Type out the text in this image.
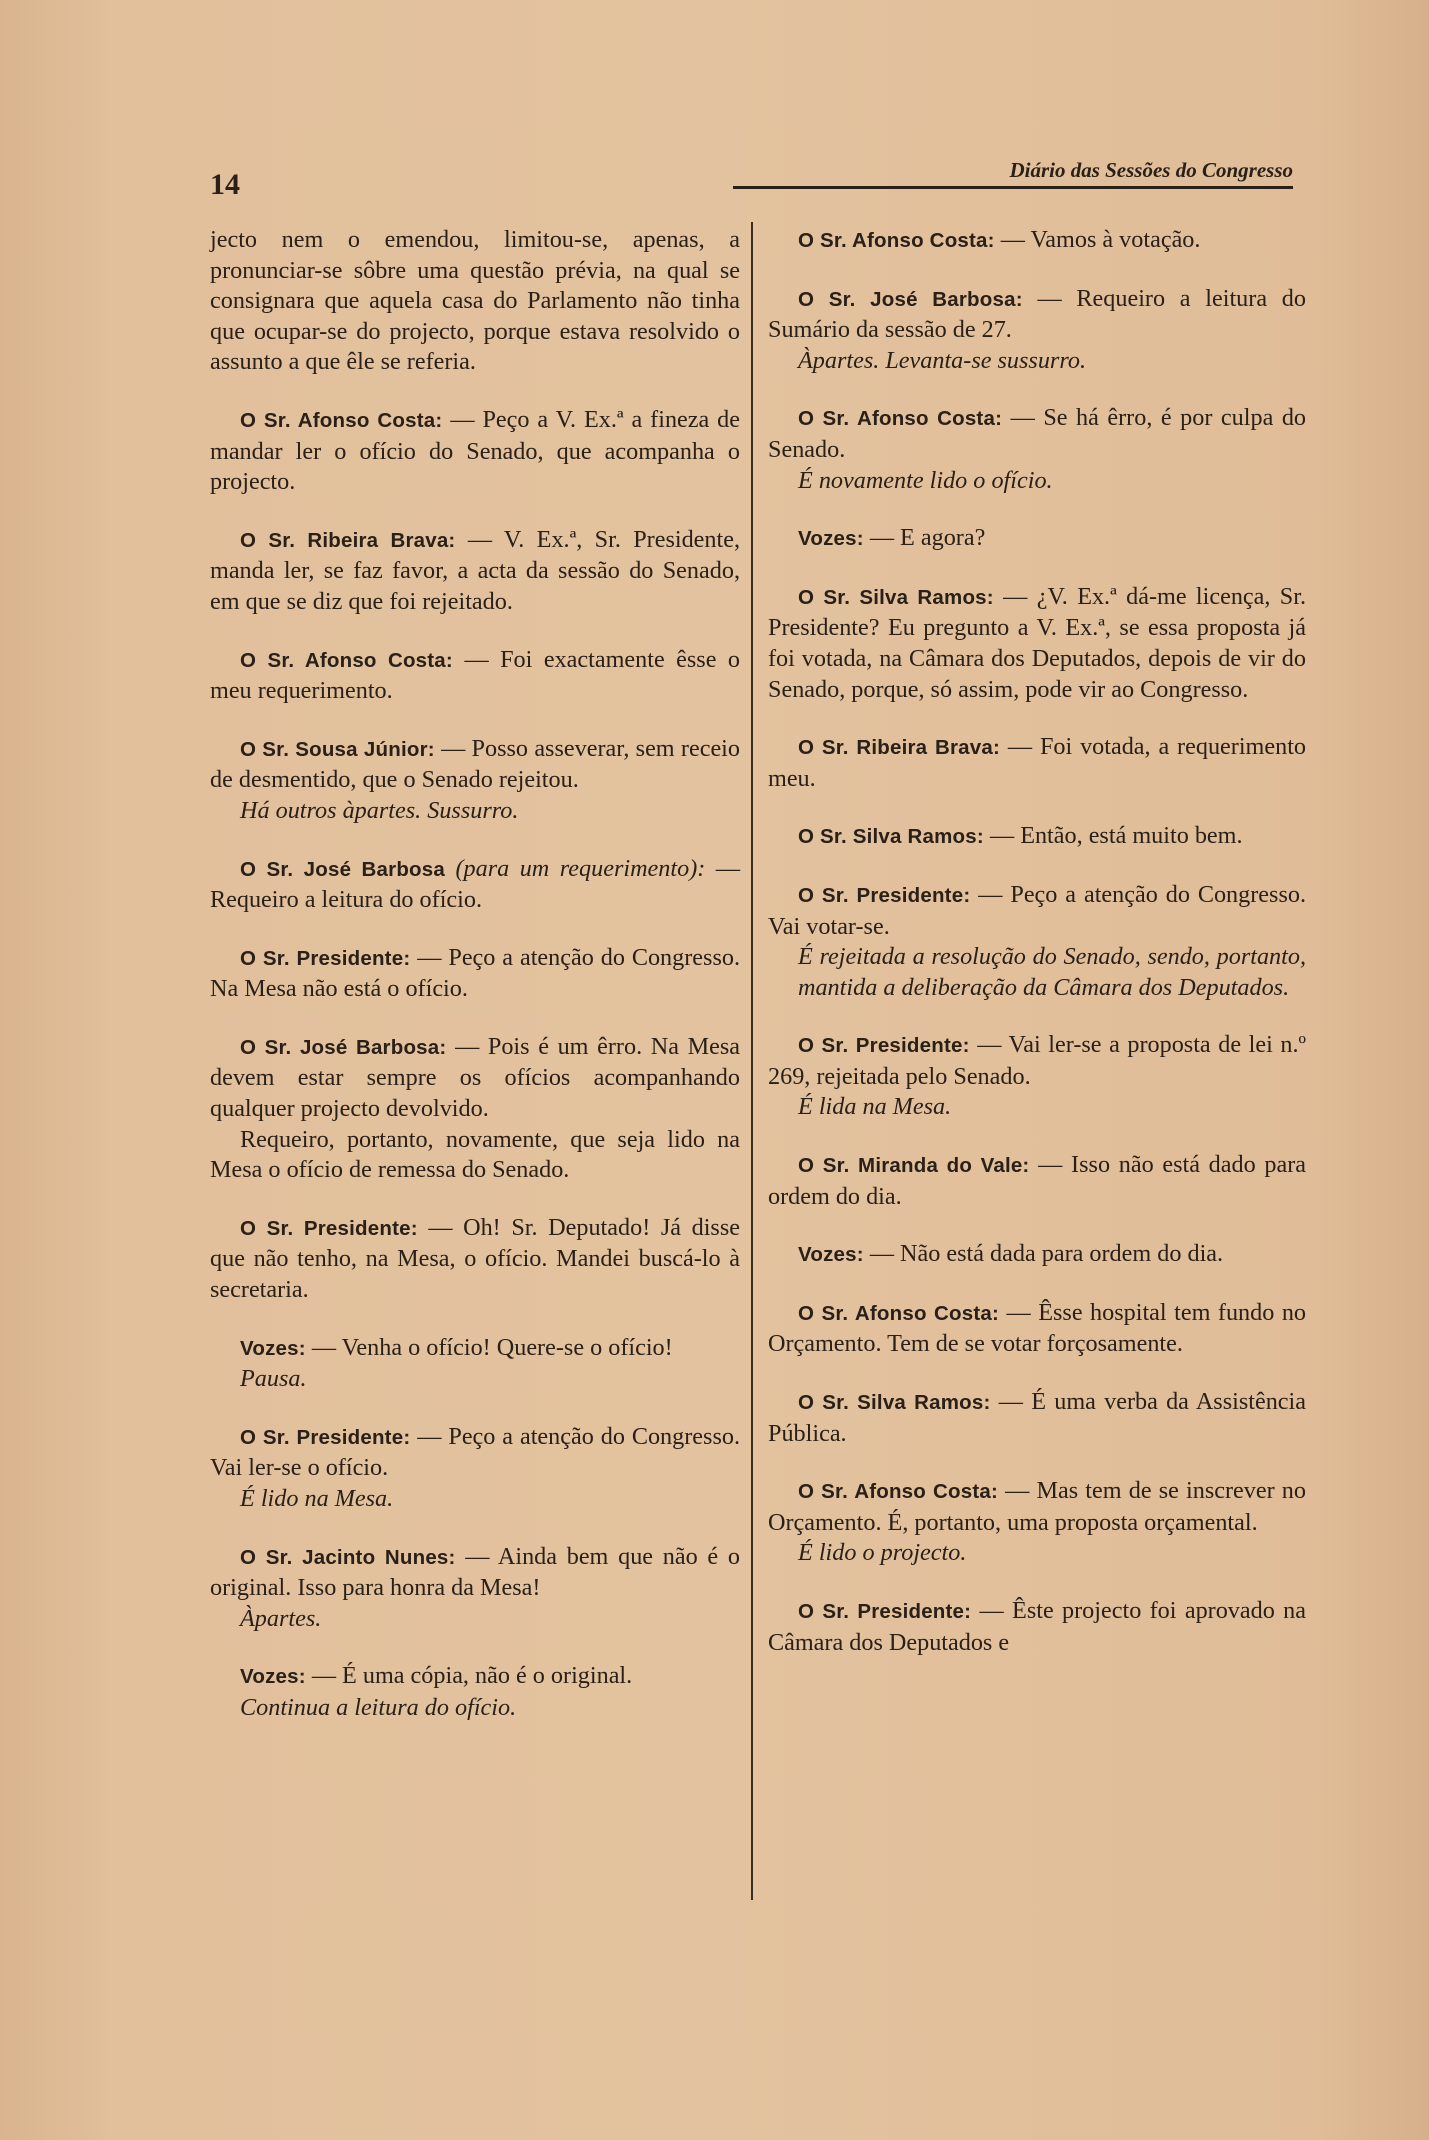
14	Diário das Sessões do Congresso

jecto nem o emendou, limitou-se, apenas, a pronunciar-se sôbre uma questão prévia, na qual se consignara que aquela casa do Parlamento não tinha que ocupar-se do projecto, porque estava resolvido o assunto a que êle se referia.

O Sr. Afonso Costa: — Peço a V. Ex.ª a fineza de mandar ler o ofício do Senado, que acompanha o projecto.

O Sr. Ribeira Brava: — V. Ex.ª, Sr. Presidente, manda ler, se faz favor, a acta da sessão do Senado, em que se diz que foi rejeitado.

O Sr. Afonso Costa: — Foi exactamente êsse o meu requerimento.

O Sr. Sousa Júnior: — Posso asseverar, sem receio de desmentido, que o Senado rejeitou.

Há outros àpartes. Sussurro.

O Sr. José Barbosa (para um requerimento): — Requeiro a leitura do ofício.

O Sr. Presidente: — Peço a atenção do Congresso. Na Mesa não está o ofício.

O Sr. José Barbosa: — Pois é um êrro. Na Mesa devem estar sempre os ofícios acompanhando qualquer projecto devolvido.

Requeiro, portanto, novamente, que seja lido na Mesa o ofício de remessa do Senado.

O Sr. Presidente: — Oh! Sr. Deputado! Já disse que não tenho, na Mesa, o ofício. Mandei buscá-lo à secretaria.

Vozes: — Venha o ofício! Quere-se o ofício!

Pausa.

O Sr. Presidente: — Peço a atenção do Congresso. Vai ler-se o ofício.

É lido na Mesa.

O Sr. Jacinto Nunes: — Ainda bem que não é o original. Isso para honra da Mesa!

Àpartes.

Vozes: — É uma cópia, não é o original.

Continua a leitura do ofício.

O Sr. Afonso Costa: — Vamos à votação.

O Sr. José Barbosa: — Requeiro a leitura do Sumário da sessão de 27.

Àpartes. Levanta-se sussurro.

O Sr. Afonso Costa: — Se há êrro, é por culpa do Senado.

É novamente lido o ofício.

Vozes: — E agora?

O Sr. Silva Ramos: — ¿V. Ex.ª dá-me licença, Sr. Presidente? Eu pregunto a V. Ex.ª, se essa proposta já foi votada, na Câmara dos Deputados, depois de vir do Senado, porque, só assim, pode vir ao Congresso.

O Sr. Ribeira Brava: — Foi votada, a requerimento meu.

O Sr. Silva Ramos: — Então, está muito bem.

O Sr. Presidente: — Peço a atenção do Congresso. Vai votar-se.

É rejeitada a resolução do Senado, sendo, portanto, mantida a deliberação da Câmara dos Deputados.

O Sr. Presidente: — Vai ler-se a proposta de lei n.º 269, rejeitada pelo Senado.

É lida na Mesa.

O Sr. Miranda do Vale: — Isso não está dado para ordem do dia.

Vozes: — Não está dada para ordem do dia.

O Sr. Afonso Costa: — Êsse hospital tem fundo no Orçamento. Tem de se votar forçosamente.

O Sr. Silva Ramos: — É uma verba da Assistência Pública.

O Sr. Afonso Costa: — Mas tem de se inscrever no Orçamento. É, portanto, uma proposta orçamental.

É lido o projecto.

O Sr. Presidente: — Êste projecto foi aprovado na Câmara dos Deputados e
